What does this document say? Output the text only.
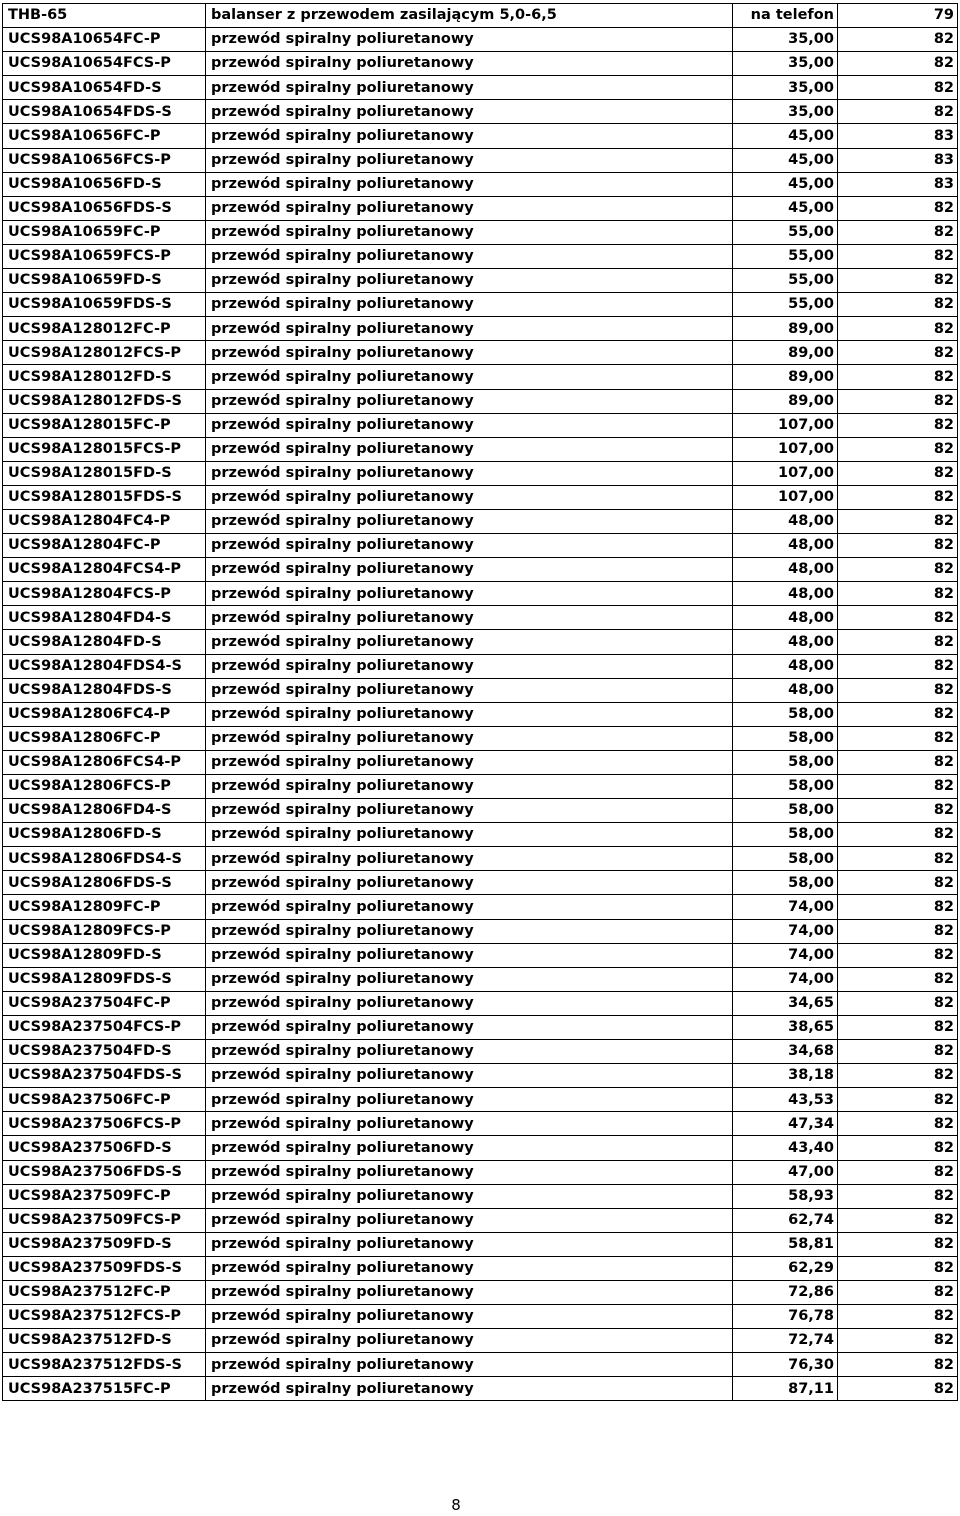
THB-65	balanser z przewodem zasilającym 5,0-6,5	na telefon	79
UCS98A10654FC-P	przewód spiralny poliuretanowy	35,00	82
UCS98A10654FCS-P	przewód spiralny poliuretanowy	35,00	82
UCS98A10654FD-S	przewód spiralny poliuretanowy	35,00	82
UCS98A10654FDS-S	przewód spiralny poliuretanowy	35,00	82
UCS98A10656FC-P	przewód spiralny poliuretanowy	45,00	83
UCS98A10656FCS-P	przewód spiralny poliuretanowy	45,00	83
UCS98A10656FD-S	przewód spiralny poliuretanowy	45,00	83
UCS98A10656FDS-S	przewód spiralny poliuretanowy	45,00	82
UCS98A10659FC-P	przewód spiralny poliuretanowy	55,00	82
UCS98A10659FCS-P	przewód spiralny poliuretanowy	55,00	82
UCS98A10659FD-S	przewód spiralny poliuretanowy	55,00	82
UCS98A10659FDS-S	przewód spiralny poliuretanowy	55,00	82
UCS98A128012FC-P	przewód spiralny poliuretanowy	89,00	82
UCS98A128012FCS-P	przewód spiralny poliuretanowy	89,00	82
UCS98A128012FD-S	przewód spiralny poliuretanowy	89,00	82
UCS98A128012FDS-S	przewód spiralny poliuretanowy	89,00	82
UCS98A128015FC-P	przewód spiralny poliuretanowy	107,00	82
UCS98A128015FCS-P	przewód spiralny poliuretanowy	107,00	82
UCS98A128015FD-S	przewód spiralny poliuretanowy	107,00	82
UCS98A128015FDS-S	przewód spiralny poliuretanowy	107,00	82
UCS98A12804FC4-P	przewód spiralny poliuretanowy	48,00	82
UCS98A12804FC-P	przewód spiralny poliuretanowy	48,00	82
UCS98A12804FCS4-P	przewód spiralny poliuretanowy	48,00	82
UCS98A12804FCS-P	przewód spiralny poliuretanowy	48,00	82
UCS98A12804FD4-S	przewód spiralny poliuretanowy	48,00	82
UCS98A12804FD-S	przewód spiralny poliuretanowy	48,00	82
UCS98A12804FDS4-S	przewód spiralny poliuretanowy	48,00	82
UCS98A12804FDS-S	przewód spiralny poliuretanowy	48,00	82
UCS98A12806FC4-P	przewód spiralny poliuretanowy	58,00	82
UCS98A12806FC-P	przewód spiralny poliuretanowy	58,00	82
UCS98A12806FCS4-P	przewód spiralny poliuretanowy	58,00	82
UCS98A12806FCS-P	przewód spiralny poliuretanowy	58,00	82
UCS98A12806FD4-S	przewód spiralny poliuretanowy	58,00	82
UCS98A12806FD-S	przewód spiralny poliuretanowy	58,00	82
UCS98A12806FDS4-S	przewód spiralny poliuretanowy	58,00	82
UCS98A12806FDS-S	przewód spiralny poliuretanowy	58,00	82
UCS98A12809FC-P	przewód spiralny poliuretanowy	74,00	82
UCS98A12809FCS-P	przewód spiralny poliuretanowy	74,00	82
UCS98A12809FD-S	przewód spiralny poliuretanowy	74,00	82
UCS98A12809FDS-S	przewód spiralny poliuretanowy	74,00	82
UCS98A237504FC-P	przewód spiralny poliuretanowy	34,65	82
UCS98A237504FCS-P	przewód spiralny poliuretanowy	38,65	82
UCS98A237504FD-S	przewód spiralny poliuretanowy	34,68	82
UCS98A237504FDS-S	przewód spiralny poliuretanowy	38,18	82
UCS98A237506FC-P	przewód spiralny poliuretanowy	43,53	82
UCS98A237506FCS-P	przewód spiralny poliuretanowy	47,34	82
UCS98A237506FD-S	przewód spiralny poliuretanowy	43,40	82
UCS98A237506FDS-S	przewód spiralny poliuretanowy	47,00	82
UCS98A237509FC-P	przewód spiralny poliuretanowy	58,93	82
UCS98A237509FCS-P	przewód spiralny poliuretanowy	62,74	82
UCS98A237509FD-S	przewód spiralny poliuretanowy	58,81	82
UCS98A237509FDS-S	przewód spiralny poliuretanowy	62,29	82
UCS98A237512FC-P	przewód spiralny poliuretanowy	72,86	82
UCS98A237512FCS-P	przewód spiralny poliuretanowy	76,78	82
UCS98A237512FD-S	przewód spiralny poliuretanowy	72,74	82
UCS98A237512FDS-S	przewód spiralny poliuretanowy	76,30	82
UCS98A237515FC-P	przewód spiralny poliuretanowy	87,11	82
8
